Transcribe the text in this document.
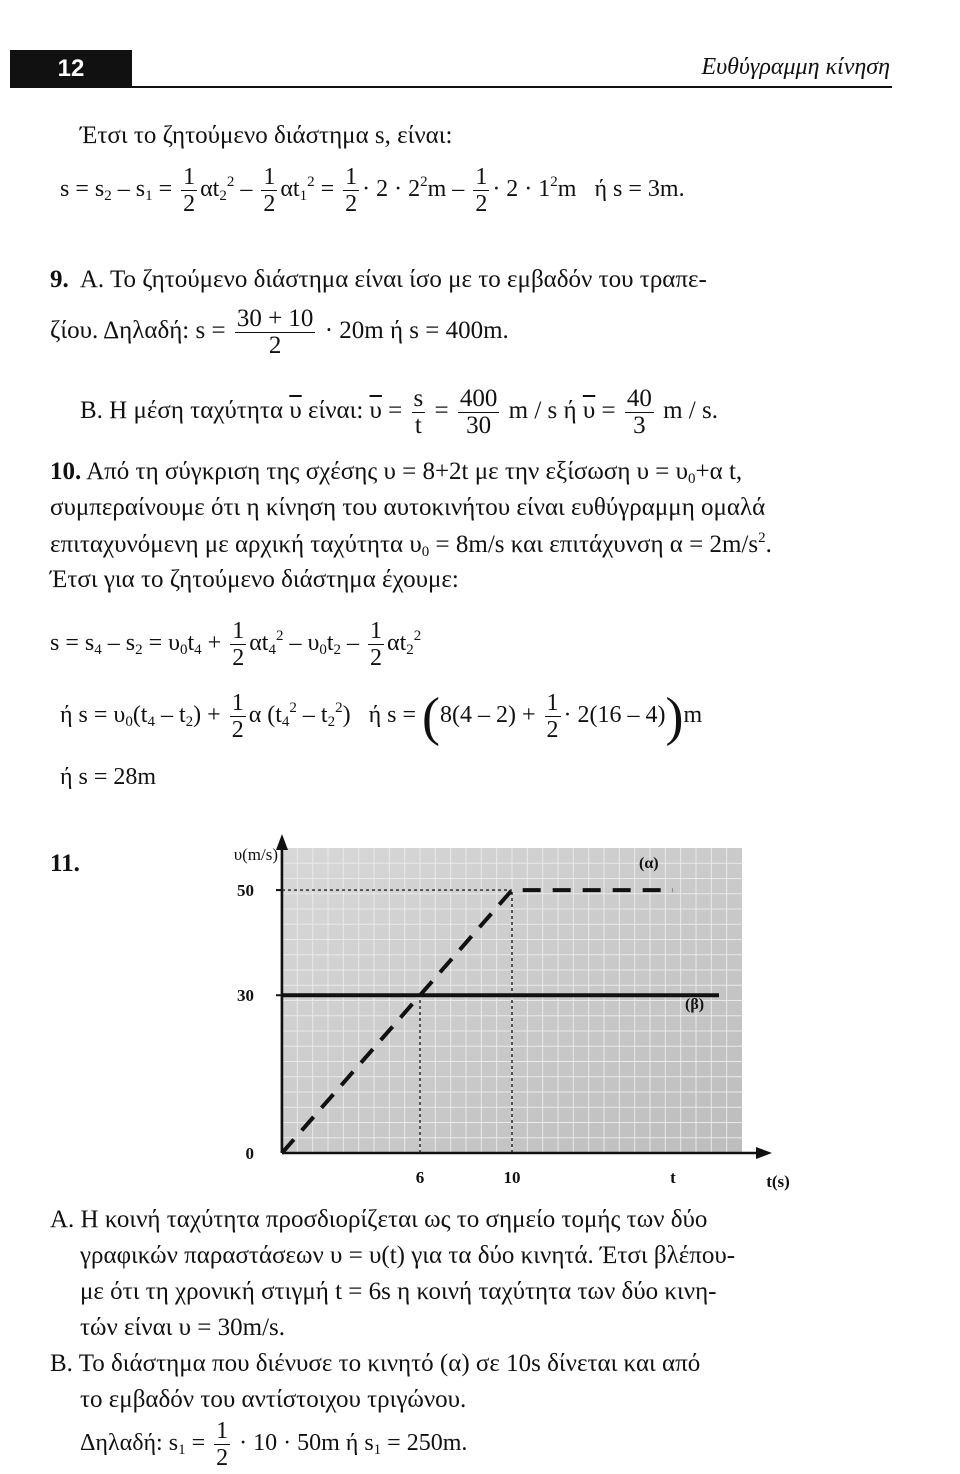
12	Ευθύγραμμη κίνηση
Έτσι το ζητούμενο διάστημα s, είναι:
$s = s_2 - s_1 = \frac{1}{2} \alpha t_2^2 - \frac{1}{2} \alpha t_1^2 = \frac{1}{2} \cdot 2 \cdot 2^2m - \frac{1}{2} \cdot 2 \cdot 1^2m$ ή s = 3m.
9. Α. Το ζητούμενο διάστημα είναι ίσο με το εμβαδόν του τραπε-
ζίου. Δηλαδή: $s = \frac{30 + 10}{2} \cdot 20m$ ή s = 400m.
Β. Η μέση ταχύτητα $\overline{\upsilon}$ είναι: $\overline{\upsilon} = \frac{s}{t} = \frac{400}{30}$ m / s ή $\overline{\upsilon} = \frac{40}{3}$ m / s.
10. Από τη σύγκριση της σχέσης υ = 8+2t με την εξίσωση $\upsilon = \upsilon_0+\alpha$ t,
συμπεραίνουμε ότι η κίνηση του αυτοκινήτου είναι ευθύγραμμη ομαλά
επιταχυνόμενη με αρχική ταχύτητα $\upsilon_0 = 8m/s$ και επιτάχυνση $\alpha = 2m/s^2$.
Έτσι για το ζητούμενο διάστημα έχουμε:
$s = s_4 - s_2 = \upsilon_0t_4 + \frac{1}{2} \alpha t_4^2 - \upsilon_0t_2 - \frac{1}{2} \alpha t_2^2$
ή $s = \upsilon_0(t_4 - t_2) + \frac{1}{2}$ α $(t_4^2 - t_2^2)$ ή $s = (8(4 - 2) + \frac{1}{2} \cdot 2(16 - 4))m$
ή s = 28m
11.	(α)
(β)
0
30
50
6	10	t
υ(m/s)
t(s)
Α. Η κοινή ταχύτητα προσδιορίζεται ως το σημείο τομής των δύο
γραφικών παραστάσεων υ = υ(t) για τα δύο κινητά. Έτσι βλέπου-
με ότι τη χρονική στιγμή t = 6s η κοινή ταχύτητα των δύο κινη-
τών είναι υ = 30m/s.
Β. Το διάστημα που διένυσε το κινητό (α) σε 10s δίνεται και από
το εμβαδόν του αντίστοιχου τριγώνου.
Δηλαδή: $s_1 = \frac{1}{2} \cdot 10 \cdot 50m$ ή $s_1 = 250m$.
